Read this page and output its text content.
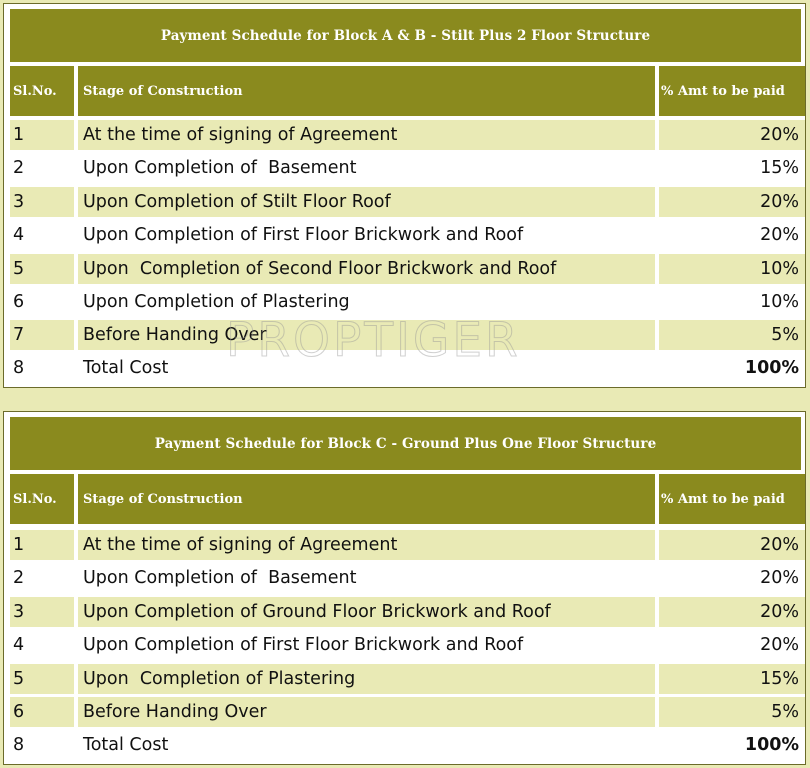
Payment Schedule for Block A & B - Stilt Plus 2 Floor Structure
Sl.No.	Stage of Construction	% Amt to be paid
1	At the time of signing of Agreement	20%
2	Upon Completion of  Basement	15%
3	Upon Completion of Stilt Floor Roof	20%
4	Upon Completion of First Floor Brickwork and Roof	20%
5	Upon  Completion of Second Floor Brickwork and Roof	10%
6	Upon Completion of Plastering	10%
7	Before Handing Over	5%
8	Total Cost	100%
Payment Schedule for Block C - Ground Plus One Floor Structure
Sl.No.	Stage of Construction	% Amt to be paid
1	At the time of signing of Agreement	20%
2	Upon Completion of  Basement	20%
3	Upon Completion of Ground Floor Brickwork and Roof	20%
4	Upon Completion of First Floor Brickwork and Roof	20%
5	Upon  Completion of Plastering	15%
6	Before Handing Over	5%
8	Total Cost	100%
